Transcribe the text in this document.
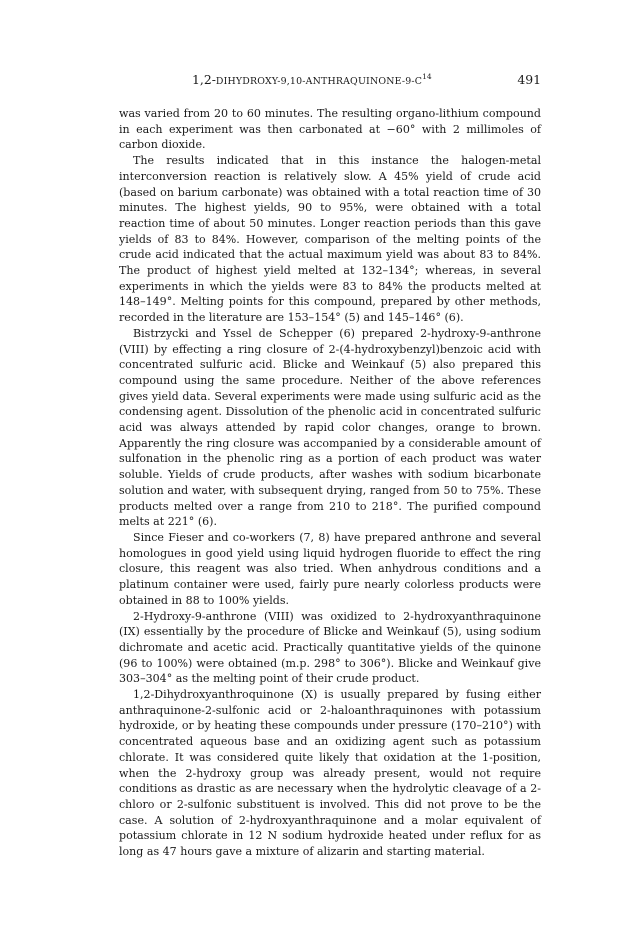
$1,2-DIHYDROXY-9,10-ANTHRAQUINONE-9-C^{14}$	491

was varied from 20 to 60 minutes. The resulting organo-lithium compound in each experiment was then carbonated at −60° with 2 millimoles of carbon dioxide.

The results indicated that in this instance the halogen-metal interconversion reaction is relatively slow. A 45% yield of crude acid (based on barium carbonate) was obtained with a total reaction time of 30 minutes. The highest yields, 90 to 95%, were obtained with a total reaction time of about 50 minutes. Longer reaction periods than this gave yields of 83 to 84%. However, comparison of the melting points of the crude acid indicated that the actual maximum yield was about 83 to 84%. The product of highest yield melted at 132–134°; whereas, in several experiments in which the yields were 83 to 84% the products melted at 148–149°. Melting points for this compound, prepared by other methods, recorded in the literature are 153–154° (5) and 145–146° (6).

Bistrzycki and Yssel de Schepper (6) prepared 2-hydroxy-9-anthrone (VIII) by effecting a ring closure of 2-(4-hydroxybenzyl)benzoic acid with concentrated sulfuric acid. Blicke and Weinkauf (5) also prepared this compound using the same procedure. Neither of the above references gives yield data. Several experiments were made using sulfuric acid as the condensing agent. Dissolution of the phenolic acid in concentrated sulfuric acid was always attended by rapid color changes, orange to brown. Apparently the ring closure was accompanied by a considerable amount of sulfonation in the phenolic ring as a portion of each product was water soluble. Yields of crude products, after washes with sodium bicarbonate solution and water, with subsequent drying, ranged from 50 to 75%. These products melted over a range from 210 to 218°. The purified compound melts at 221° (6).

Since Fieser and co-workers (7, 8) have prepared anthrone and several homologues in good yield using liquid hydrogen fluoride to effect the ring closure, this reagent was also tried. When anhydrous conditions and a platinum container were used, fairly pure nearly colorless products were obtained in 88 to 100% yields.

2-Hydroxy-9-anthrone (VIII) was oxidized to 2-hydroxyanthraquinone (IX) essentially by the procedure of Blicke and Weinkauf (5), using sodium dichromate and acetic acid. Practically quantitative yields of the quinone (96 to 100%) were obtained (m.p. 298° to 306°). Blicke and Weinkauf give 303–304° as the melting point of their crude product.

1,2-Dihydroxyanthroquinone (X) is usually prepared by fusing either anthraquinone-2-sulfonic acid or 2-haloanthraquinones with potassium hydroxide, or by heating these compounds under pressure (170–210°) with concentrated aqueous base and an oxidizing agent such as potassium chlorate. It was considered quite likely that oxidation at the 1-position, when the 2-hydroxy group was already present, would not require conditions as drastic as are necessary when the hydrolytic cleavage of a 2-chloro or 2-sulfonic substituent is involved. This did not prove to be the case. A solution of 2-hydroxyanthraquinone and a molar equivalent of potassium chlorate in 12 N sodium hydroxide heated under reflux for as long as 47 hours gave a mixture of alizarin and starting material.
